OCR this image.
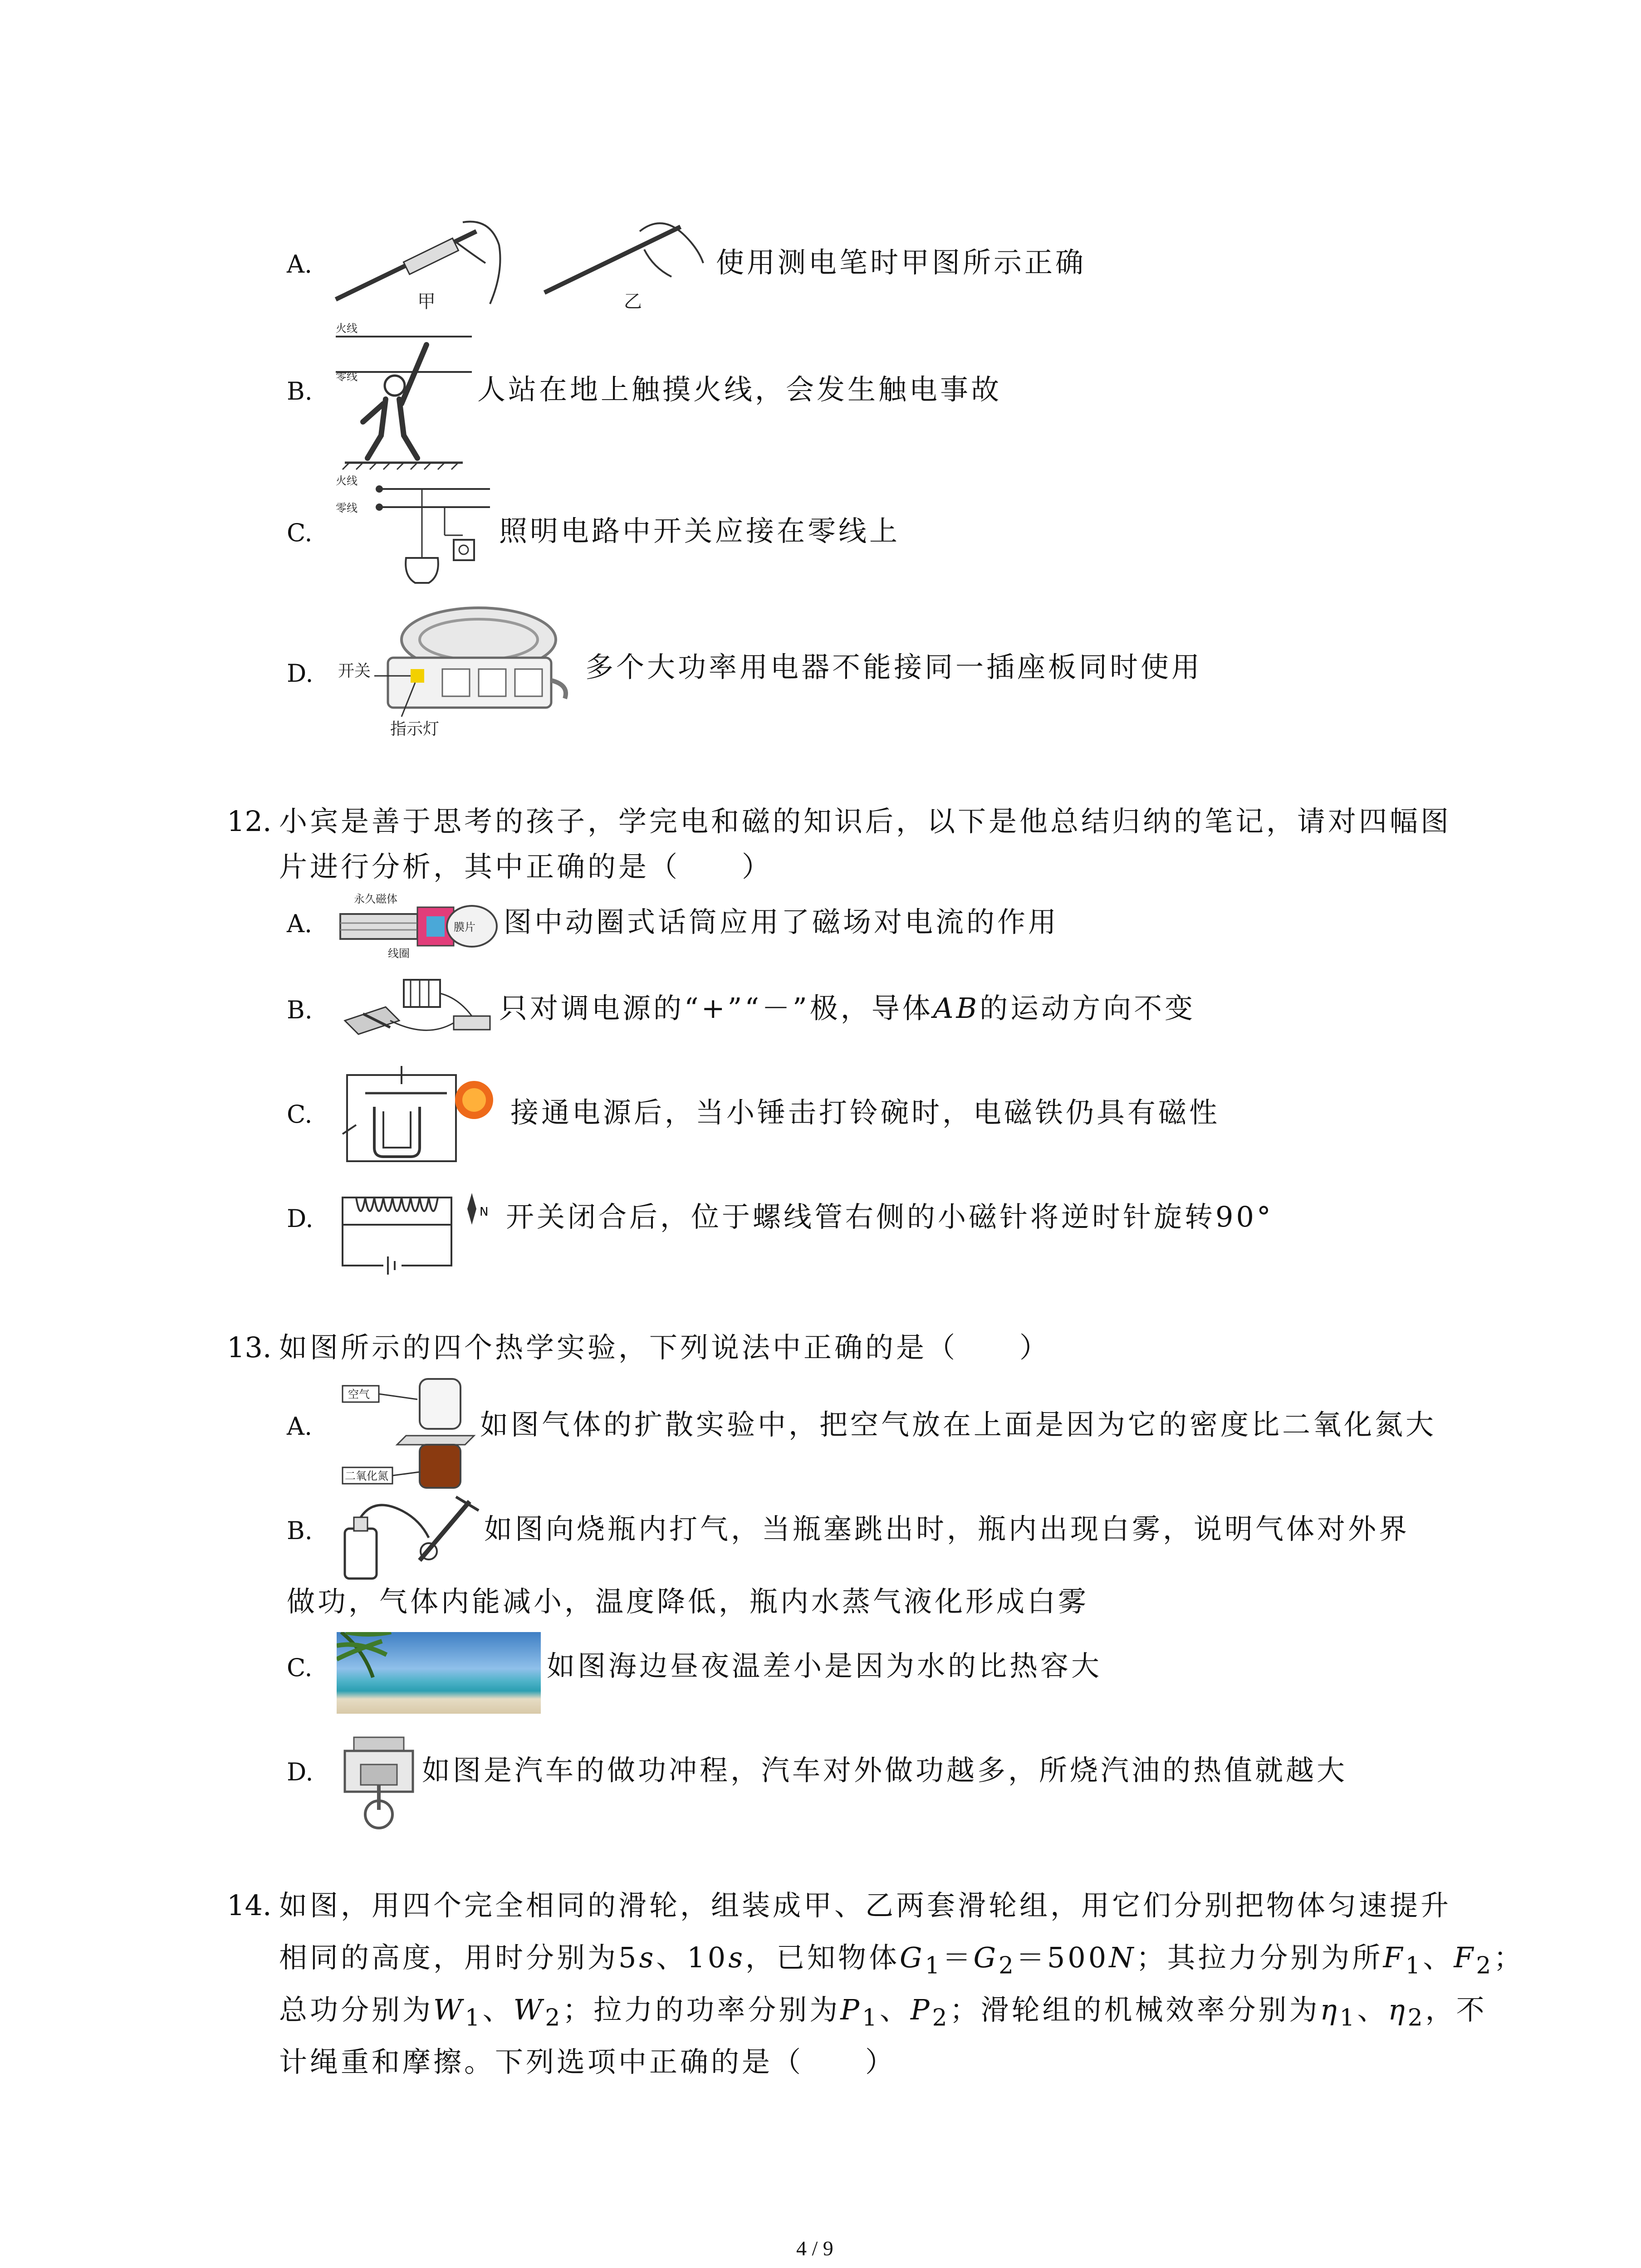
A.
甲	乙
使用测电笔时甲图所示正确
B.
火线
零线	人站在地上触摸火线，会发生触电事故
C.
火线
零线
照明电路中开关应接在零线上
D. 开关
指示灯
多个大功率用电器不能接同一插座板同时使用
12. 小宾是善于思考的孩子，学完电和磁的知识后，以下是他总结归纳的笔记，请对四幅图
片进行分析，其中正确的是（　　）
A.
永久磁体
膜片
线圈
图中动圈式话筒应用了磁场对电流的作用
B.	只对调电源的“+”“－”极，导体AB的运动方向不变
C.	接通电源后，当小锤击打铃碗时，电磁铁仍具有磁性
D.	N 开关闭合后，位于螺线管右侧的小磁针将逆时针旋转90°
13. 如图所示的四个热学实验，下列说法中正确的是（　　）
A.
空气
二氧化氮
如图气体的扩散实验中，把空气放在上面是因为它的密度比二氧化氮大
B.	如图向烧瓶内打气，当瓶塞跳出时，瓶内出现白雾，说明气体对外界
做功，气体内能减小，温度降低，瓶内水蒸气液化形成白雾
C.	如图海边昼夜温差小是因为水的比热容大
D.	如图是汽车的做功冲程，汽车对外做功越多，所烧汽油的热值就越大
14. 如图，用四个完全相同的滑轮，组装成甲、乙两套滑轮组，用它们分别把物体匀速提升
相同的高度，用时分别为5s、10s，已知物体$G_1=G_2=500N$；其拉力分别为所$F_1$、$F_2$；
总功分别为$W_1$、$W_2$；拉力的功率分别为$P_1$、$P_2$；滑轮组的机械效率分别为$\eta_1$、$\eta_2$，不
计绳重和摩擦。下列选项中正确的是（　　）
4 / 9
